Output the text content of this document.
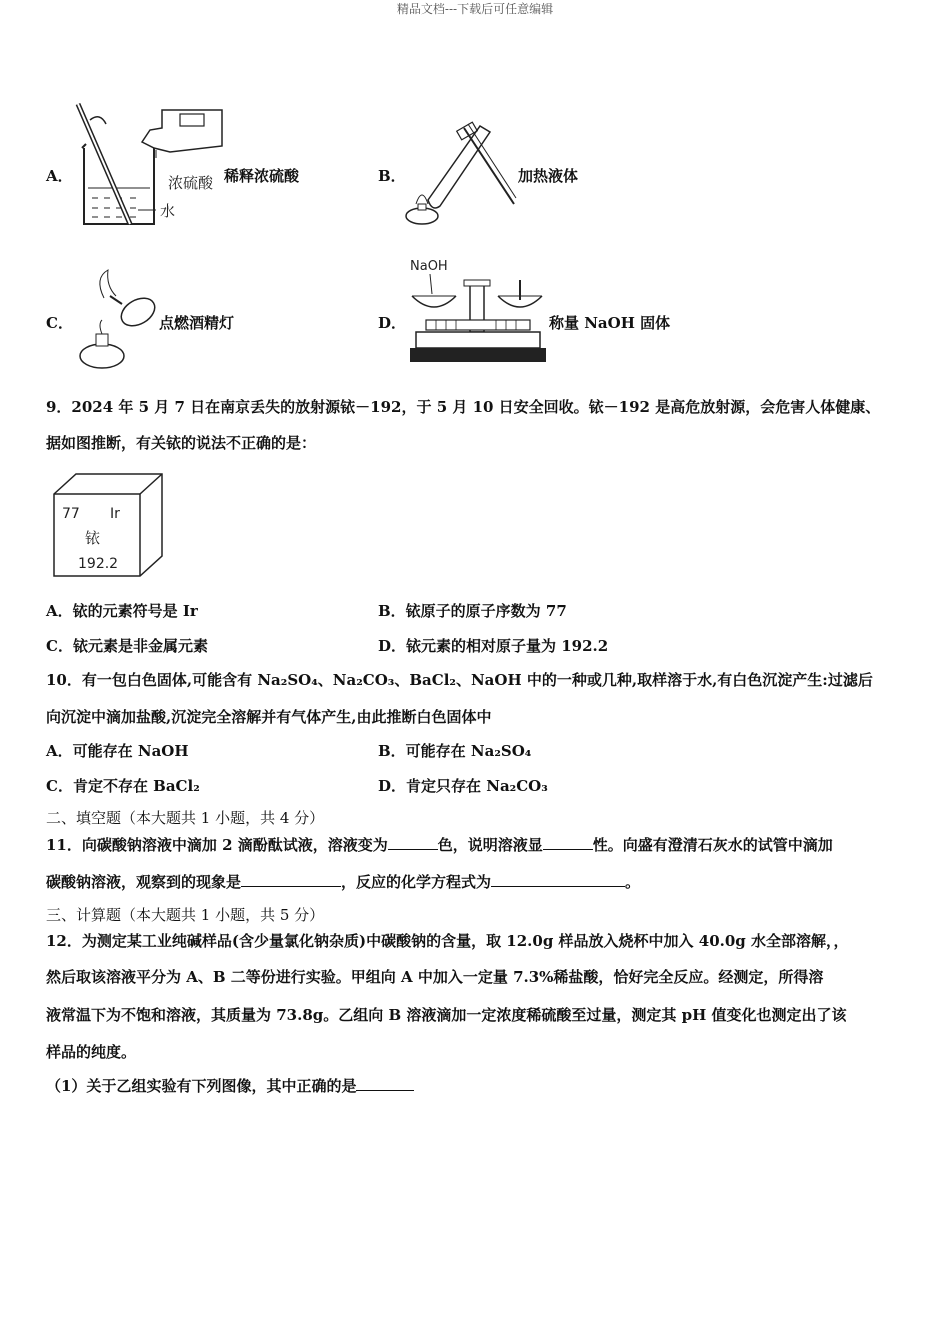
精品文档---下载后可任意编辑
A．	浓硫酸
水
稀释浓硫酸	B．	加热液体
C．	点燃酒精灯	D．
NaOH
称量 NaOH 固体
9．2024 年 5 月 7 日在南京丢失的放射源铱－192，于 5 月 10 日安全回收。铱－192 是高危放射源，会危害人体健康、
据如图推断，有关铱的说法不正确的是：
77 Ir
铱
192.2
A．铱的元素符号是 Ir	B．铱原子的原子序数为 77
C．铱元素是非金属元素	D．铱元素的相对原子量为 192.2
10．有一包白色固体,可能含有 Na₂SO₄、Na₂CO₃、BaCl₂、NaOH 中的一种或几种,取样溶于水,有白色沉淀产生:过滤后
向沉淀中滴加盐酸,沉淀完全溶解并有气体产生,由此推断白色固体中
A．可能存在 NaOH	B．可能存在 Na₂SO₄
C．肯定不存在 BaCl₂	D．肯定只存在 Na₂CO₃
二、填空题（本大题共 1 小题，共 4 分）
11．向碳酸钠溶液中滴加 2 滴酚酞试液，溶液变为	色，说明溶液显	性。向盛有澄清石灰水的试管中滴加
碳酸钠溶液，观察到的现象是	，反应的化学方程式为	。
三、计算题（本大题共 1 小题，共 5 分）
12．为测定某工业纯碱样品(含少量氯化钠杂质)中碳酸钠的含量，取 12.0g 样品放入烧杯中加入 40.0g 水全部溶解，，
然后取该溶液平分为 A、B 二等份进行实验。甲组向 A 中加入一定量 7.3%稀盐酸，恰好完全反应。经测定，所得溶
液常温下为不饱和溶液，其质量为 73.8g。乙组向 B 溶液滴加一定浓度稀硫酸至过量，测定其 pH 值变化也测定出了该
样品的纯度。
（1）关于乙组实验有下列图像，其中正确的是
